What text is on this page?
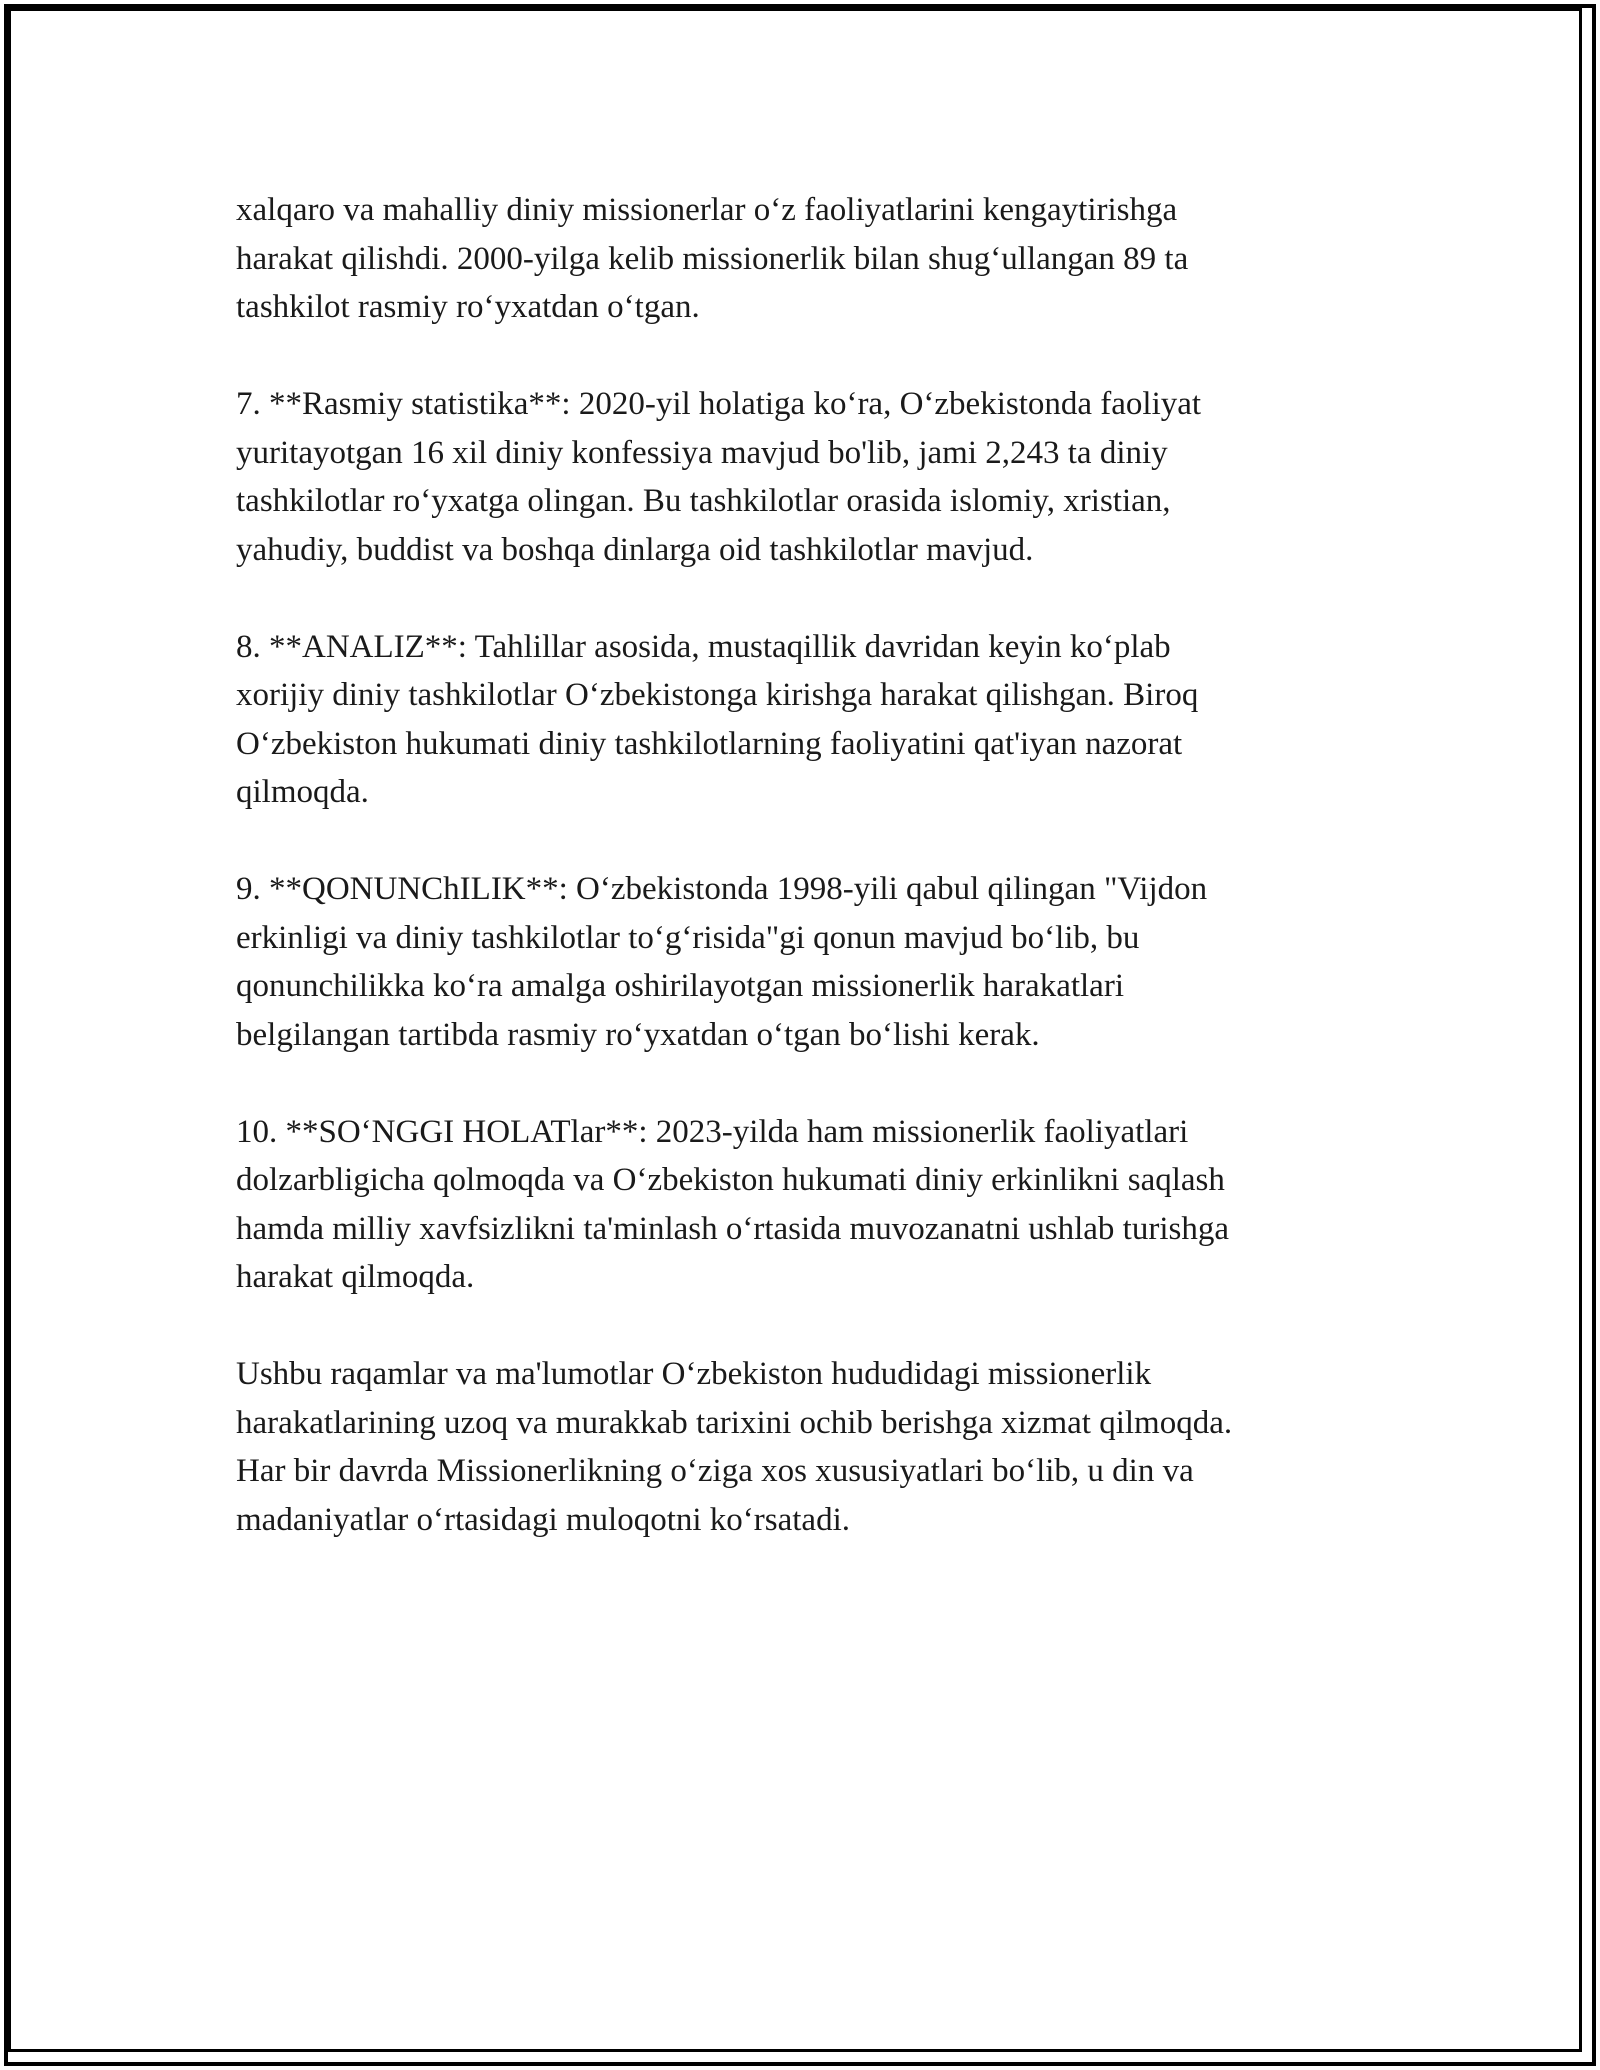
xalqaro va mahalliy diniy missionerlar o‘z faoliyatlarini kengaytirishga
harakat qilishdi. 2000-yilga kelib missionerlik bilan shug‘ullangan 89 ta
tashkilot rasmiy ro‘yxatdan o‘tgan.

7. **Rasmiy statistika**: 2020-yil holatiga ko‘ra, O‘zbekistonda faoliyat
yuritayotgan 16 xil diniy konfessiya mavjud bo'lib, jami 2,243 ta diniy
tashkilotlar ro‘yxatga olingan. Bu tashkilotlar orasida islomiy, xristian,
yahudiy, buddist va boshqa dinlarga oid tashkilotlar mavjud.

8. **ANALIZ**: Tahlillar asosida, mustaqillik davridan keyin ko‘plab
xorijiy diniy tashkilotlar O‘zbekistonga kirishga harakat qilishgan. Biroq
O‘zbekiston hukumati diniy tashkilotlarning faoliyatini qat'iyan nazorat
qilmoqda.

9. **QONUNChILIK**: O‘zbekistonda 1998-yili qabul qilingan "Vijdon
erkinligi va diniy tashkilotlar to‘g‘risida"gi qonun mavjud bo‘lib, bu
qonunchilikka ko‘ra amalga oshirilayotgan missionerlik harakatlari
belgilangan tartibda rasmiy ro‘yxatdan o‘tgan bo‘lishi kerak.

10. **SO‘NGGI HOLATlar**: 2023-yilda ham missionerlik faoliyatlari
dolzarbligicha qolmoqda va O‘zbekiston hukumati diniy erkinlikni saqlash
hamda milliy xavfsizlikni ta'minlash o‘rtasida muvozanatni ushlab turishga
harakat qilmoqda.

Ushbu raqamlar va ma'lumotlar O‘zbekiston hududidagi missionerlik
harakatlarining uzoq va murakkab tarixini ochib berishga xizmat qilmoqda.
Har bir davrda Missionerlikning o‘ziga xos xususiyatlari bo‘lib, u din va
madaniyatlar o‘rtasidagi muloqotni ko‘rsatadi.
